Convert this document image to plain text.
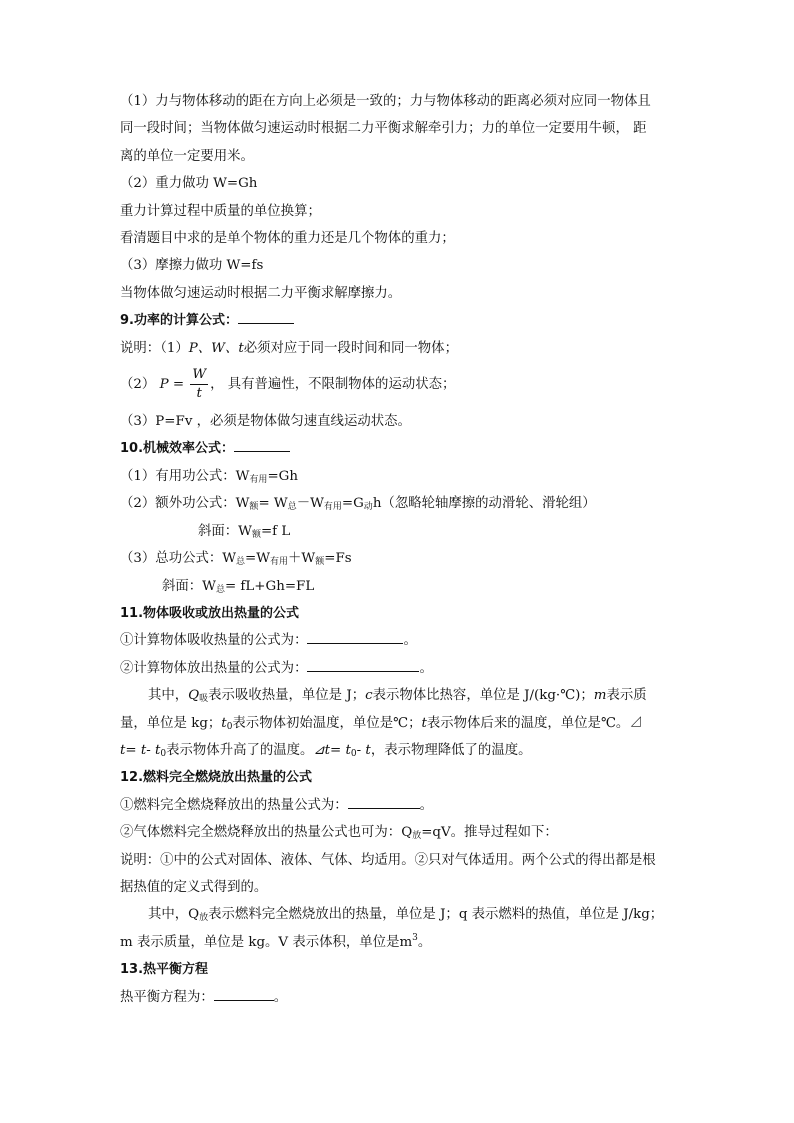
（1）力与物体移动的距在方向上必须是一致的；力与物体移动的距离必须对应同一物体且
同一段时间；当物体做匀速运动时根据二力平衡求解牵引力；力的单位一定要用牛顿， 距
离的单位一定要用米。
（2）重力做功 W=Gh
重力计算过程中质量的单位换算；
看清题目中求的是单个物体的重力还是几个物体的重力；
（3）摩擦力做功 W=fs
当物体做匀速运动时根据二力平衡求解摩擦力。
9.功率的计算公式：
说明：（1）P、W、t必须对应于同一段时间和同一物体；
（2） $P = \frac{W}{t}$ ， 具有普遍性，不限制物体的运动状态；
（3）P=Fv ，必须是物体做匀速直线运动状态。
10.机械效率公式：
（1）有用功公式：$W_{有用}=Gh$
（2）额外功公式：$W_额= W_总-W_{有用}=G_动h$（忽略轮轴摩擦的动滑轮、滑轮组）
斜面：$W_额=f$ L
（3）总功公式：$W_总=W_{有用}+W_额=Fs$
斜面：$W_总= fL+Gh=FL$
11.物体吸收或放出热量的公式
①计算物体吸收热量的公式为：	。
②计算物体放出热量的公式为：	。
其中，$Q_吸$表示吸收热量，单位是 J；c表示物体比热容，单位是 J/(kg·℃)；m表示质
量，单位是 kg；$t_0$表示物体初始温度，单位是℃；t表示物体后来的温度，单位是℃。⊿
t= t- $t_0$表示物体升高了的温度。⊿t= $t_0-$ t，表示物理降低了的温度。
12.燃料完全燃烧放出热量的公式
①燃料完全燃烧释放出的热量公式为：	。
②气体燃料完全燃烧释放出的热量公式也可为：$Q_放=qV$。推导过程如下：
说明：①中的公式对固体、液体、气体、均适用。②只对气体适用。两个公式的得出都是根
据热值的定义式得到的。
其中，$Q_放$表示燃料完全燃烧放出的热量，单位是 J；q 表示燃料的热值，单位是 J/kg；
m 表示质量，单位是 kg。V 表示体积，单位是$m^3$。
13.热平衡方程
热平衡方程为：	。
